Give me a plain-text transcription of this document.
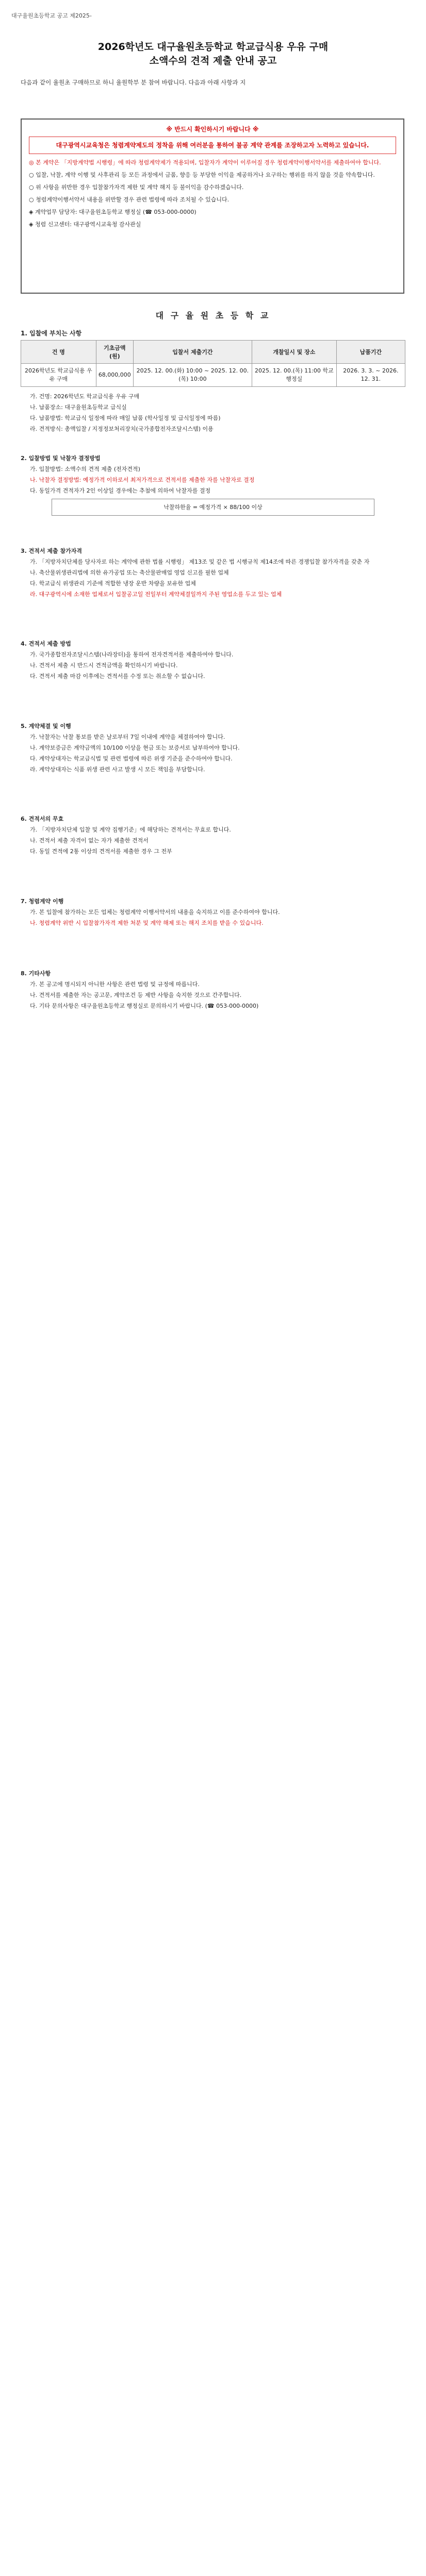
대구율원초등학교 공고 제2025-
2026학년도 대구율원초등학교 학교급식용 우유 구매
소액수의 견적 제출 안내 공고
다음과 같이 율원초 구매하므로 하니 율원학부 분 참여 바랍니다. 다음과 아래 사항과 지
※ 반드시 확인하시기 바랍니다 ※
대구광역시교육청은 청렴계약제도의 정착을 위해 여러분을 통하여 불공 계약 관계를 조장하고자 노력하고 있습니다.

◎ 본 계약은 「지방계약법 시행령」에 따라 청렴계약제가 적용되며, 입찰자가 계약이 이루어질 경우 청렴계약이행서약서를 제출하여야 합니다.

○ 입찰, 낙찰, 계약 이행 및 사후관리 등 모든 과정에서 금품, 향응 등 부당한 이익을 제공하거나 요구하는 행위를 하지 않을 것을 약속합니다.

○ 위 사항을 위반한 경우 입찰참가자격 제한 및 계약 해지 등 불이익을 감수하겠습니다.

○ 청렴계약이행서약서 내용을 위반할 경우 관련 법령에 따라 조치될 수 있습니다.

◈ 계약업무 담당자: 대구율원초등학교 행정실 (☎ 053-000-0000)

◈ 청렴 신고센터: 대구광역시교육청 감사관실

대 구 율 원 초 등 학 교
1. 입찰에 부치는 사항
건 명	기초금액(원)	입찰서 제출기간	개찰일시 및 장소	납품기간
2026학년도 학교급식용 우유 구매	68,000,000	2025. 12. 00.(화) 10:00 ~ 2025. 12. 00.(목) 10:00	2025. 12. 00.(목) 11:00 학교 행정실	2026. 3. 3. ~ 2026. 12. 31.

가. 건명: 2026학년도 학교급식용 우유 구매

나. 납품장소: 대구율원초등학교 급식실

다. 납품방법: 학교급식 일정에 따라 매일 납품 (학사일정 및 급식일정에 따름)

라. 견적방식: 총액입찰 / 지정정보처리장치(국가종합전자조달시스템) 이용

2. 입찰방법 및 낙찰자 결정방법

가. 입찰방법: 소액수의 견적 제출 (전자견적)

나. 낙찰자 결정방법: 예정가격 이하로서 최저가격으로 견적서를 제출한 자를 낙찰자로 결정

다. 동일가격 견적자가 2인 이상일 경우에는 추첨에 의하여 낙찰자를 결정

낙찰하한율 = 예정가격 × 88/100 이상

3. 견적서 제출 참가자격

가. 「지방자치단체를 당사자로 하는 계약에 관한 법률 시행령」 제13조 및 같은 법 시행규칙 제14조에 따른 경쟁입찰 참가자격을 갖춘 자

나. 축산물위생관리법에 의한 유가공업 또는 축산물판매업 영업 신고를 필한 업체

다. 학교급식 위생관리 기준에 적합한 냉장 운반 차량을 보유한 업체

라. 대구광역시에 소재한 업체로서 입찰공고일 전일부터 계약체결일까지 주된 영업소를 두고 있는 업체

4. 견적서 제출 방법

가. 국가종합전자조달시스템(나라장터)을 통하여 전자견적서를 제출하여야 합니다.

나. 견적서 제출 시 반드시 견적금액을 확인하시기 바랍니다.

다. 견적서 제출 마감 이후에는 견적서를 수정 또는 취소할 수 없습니다.

5. 계약체결 및 이행

가. 낙찰자는 낙찰 통보를 받은 날로부터 7일 이내에 계약을 체결하여야 합니다.

나. 계약보증금은 계약금액의 10/100 이상을 현금 또는 보증서로 납부하여야 합니다.

다. 계약상대자는 학교급식법 및 관련 법령에 따른 위생 기준을 준수하여야 합니다.

라. 계약상대자는 식품 위생 관련 사고 발생 시 모든 책임을 부담합니다.

6. 견적서의 무효

가. 「지방자치단체 입찰 및 계약 집행기준」에 해당하는 견적서는 무효로 합니다.

나. 견적서 제출 자격이 없는 자가 제출한 견적서

다. 동일 견적에 2통 이상의 견적서를 제출한 경우 그 전부

7. 청렴계약 이행

가. 본 입찰에 참가하는 모든 업체는 청렴계약 이행서약서의 내용을 숙지하고 이를 준수하여야 합니다.

나. 청렴계약 위반 시 입찰참가자격 제한 처분 및 계약 해제 또는 해지 조치를 받을 수 있습니다.

8. 기타사항

가. 본 공고에 명시되지 아니한 사항은 관련 법령 및 규정에 따릅니다.

나. 견적서를 제출한 자는 공고문, 계약조건 등 제반 사항을 숙지한 것으로 간주합니다.

다. 기타 문의사항은 대구율원초등학교 행정실로 문의하시기 바랍니다. (☎ 053-000-0000)
